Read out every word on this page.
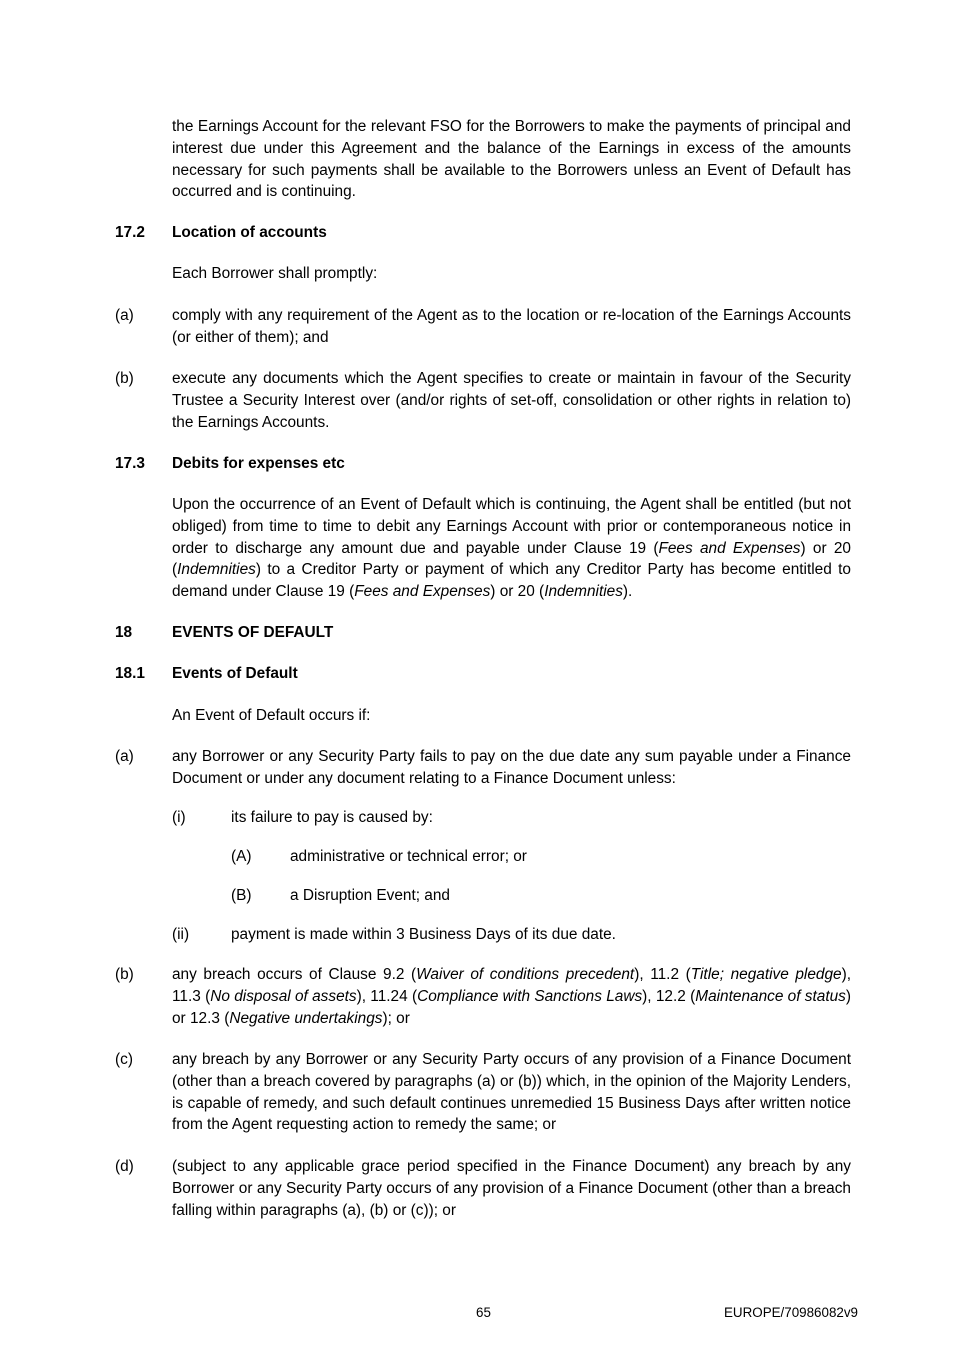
the Earnings Account for the relevant FSO for the Borrowers to make the payments of principal and interest due under this Agreement and the balance of the Earnings in excess of the amounts necessary for such payments shall be available to the Borrowers unless an Event of Default has occurred and is continuing.
17.2 Location of accounts
Each Borrower shall promptly:
(a) comply with any requirement of the Agent as to the location or re-location of the Earnings Accounts (or either of them); and
(b) execute any documents which the Agent specifies to create or maintain in favour of the Security Trustee a Security Interest over (and/or rights of set-off, consolidation or other rights in relation to) the Earnings Accounts.
17.3 Debits for expenses etc
Upon the occurrence of an Event of Default which is continuing, the Agent shall be entitled (but not obliged) from time to time to debit any Earnings Account with prior or contemporaneous notice in order to discharge any amount due and payable under Clause 19 (Fees and Expenses) or 20 (Indemnities) to a Creditor Party or payment of which any Creditor Party has become entitled to demand under Clause 19 (Fees and Expenses) or 20 (Indemnities).
18	EVENTS OF DEFAULT
18.1 Events of Default
An Event of Default occurs if:
(a) any Borrower or any Security Party fails to pay on the due date any sum payable under a Finance Document or under any document relating to a Finance Document unless:
(i)	its failure to pay is caused by:
(A) administrative or technical error; or
(B) a Disruption Event; and
(ii)	payment is made within 3 Business Days of its due date.
(b) any breach occurs of Clause 9.2 (Waiver of conditions precedent), 11.2 (Title; negative pledge), 11.3 (No disposal of assets), 11.24 (Compliance with Sanctions Laws), 12.2 (Maintenance of status) or 12.3 (Negative undertakings); or
(c)	any breach by any Borrower or any Security Party occurs of any provision of a Finance Document (other than a breach covered by paragraphs (a) or (b)) which, in the opinion of the Majority Lenders, is capable of remedy, and such default continues unremedied 15 Business Days after written notice from the Agent requesting action to remedy the same; or
(d) (subject to any applicable grace period specified in the Finance Document) any breach by any Borrower or any Security Party occurs of any provision of a Finance Document (other than a breach falling within paragraphs (a), (b) or (c)); or
65	EUROPE/70986082v9
